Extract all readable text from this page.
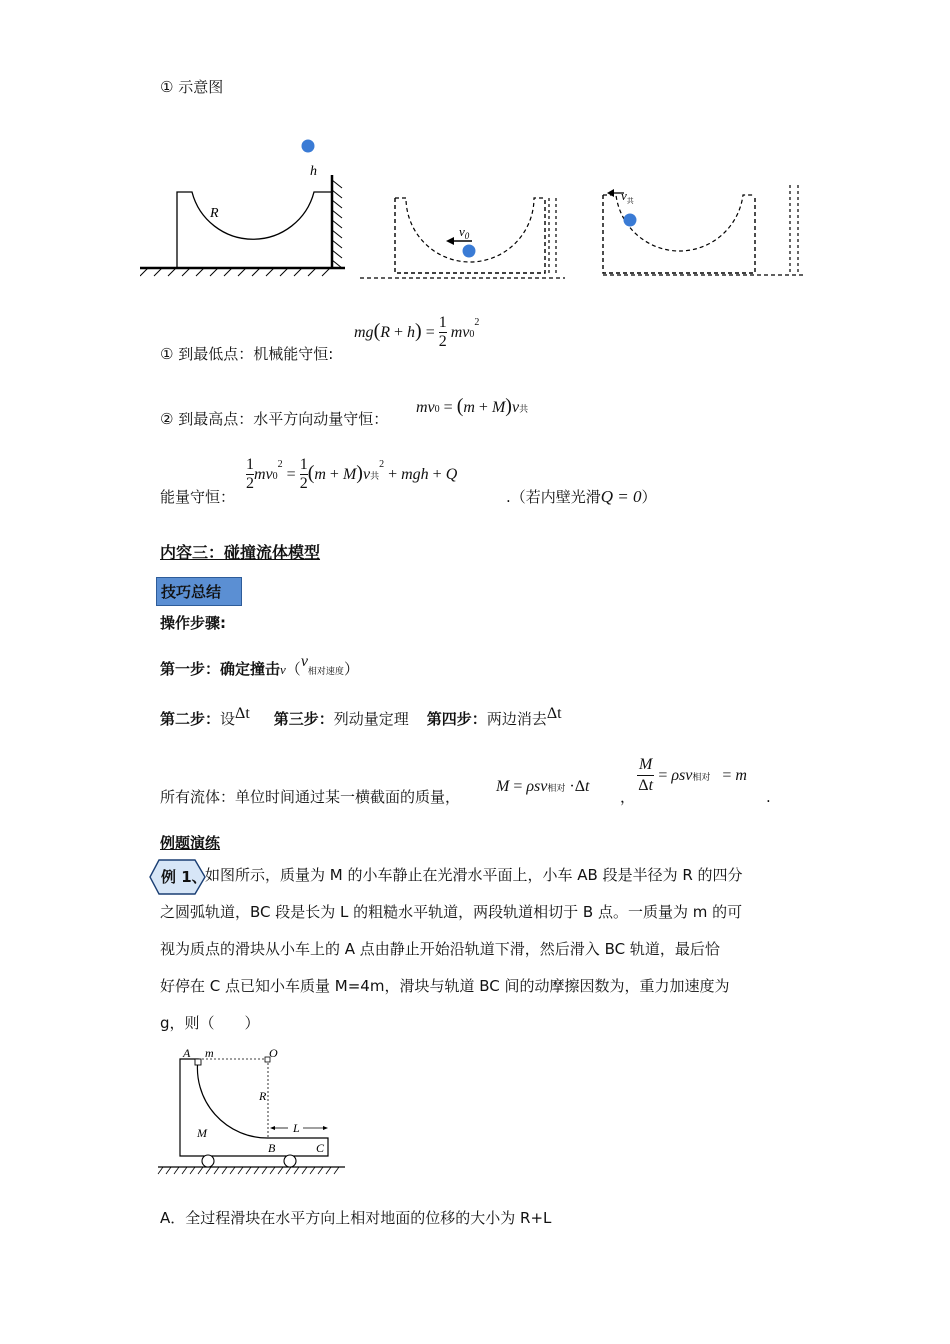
① 示意图
h
R
$v_0$
$v_共$
① 到最低点：机械能守恒:
$mg(R + h) = \frac{1}{2} mv0^2$
② 到最高点：水平方向动量守恒：
mv0 = (m + M)v共
能量守恒：
$\frac{1}{2} mv0^2 = \frac{1}{2} (m + M)v$共$^2$ + mgh + Q
.（若内壁光滑Q = 0）
内容三：碰撞流体模型
技巧总结
操作步骤:
第一步：确定撞击v（v相对速度）
第二步：设Δt 第三步：列动量定理 第四步：两边消去Δt
所有流体：单位时间通过某一横截面的质量，
M = ρsv相对 ·Δt
，
$\frac{M}{\Delta t} = \rho sv$相对   = m
.
例题演练
例 1、
如图所示，质量为 M 的小车静止在光滑水平面上，小车 AB 段是半径为 R 的四分
之圆弧轨道，BC 段是长为 L 的粗糙水平轨道，两段轨道相切于 B 点。一质量为 m 的可
视为质点的滑块从小车上的 A 点由静止开始沿轨道下滑，然后滑入 BC 轨道，最后恰
好停在 C 点已知小车质量 M=4m，滑块与轨道 BC 间的动摩擦因数为，重力加速度为
g，则（　　）
A m	O
R
M
B
L
C
A．全过程滑块在水平方向上相对地面的位移的大小为 R+L
